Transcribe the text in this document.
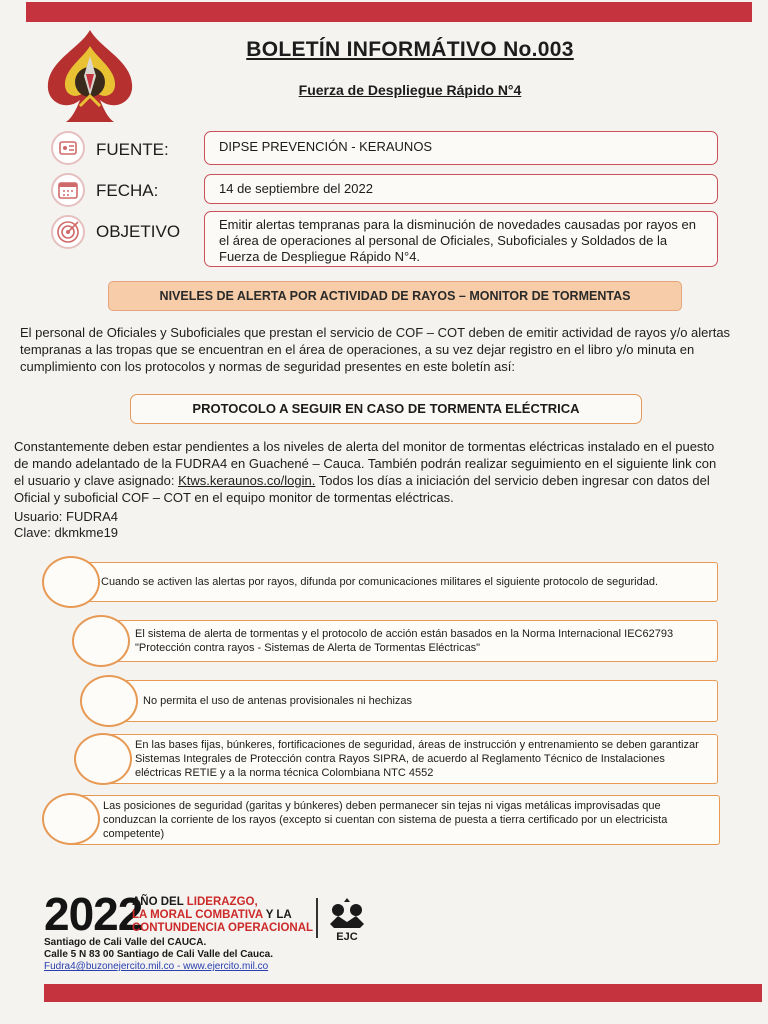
BOLETÍN INFORMÁTIVO No.003
Fuerza de Despliegue Rápido N°4
FUENTE:	DIPSE PREVENCIÓN - KERAUNOS
FECHA:	14 de septiembre del 2022
OBJETIVO	Emitir alertas tempranas para la disminución de novedades causadas por rayos en el área de operaciones al personal de Oficiales, Suboficiales y Soldados de la Fuerza de Despliegue Rápido N°4.
NIVELES DE ALERTA POR ACTIVIDAD DE RAYOS – MONITOR DE TORMENTAS
El personal de Oficiales y Suboficiales que prestan el servicio de COF – COT deben de emitir actividad de rayos y/o alertas tempranas a las tropas que se encuentran en el área de operaciones, a su vez dejar registro en el libro y/o minuta en cumplimiento con los protocolos y normas de seguridad presentes en este boletín así:
PROTOCOLO A SEGUIR EN CASO DE TORMENTA ELÉCTRICA
Constantemente deben estar pendientes a los niveles de alerta del monitor de tormentas eléctricas instalado en el puesto de mando adelantado de la FUDRA4 en Guachené – Cauca. También podrán realizar seguimiento en el siguiente link con el usuario y clave asignado: Ktws.keraunos.co/login. Todos los días a iniciación del servicio deben ingresar con datos del Oficial y suboficial COF – COT en el equipo monitor de tormentas eléctricas.
Usuario: FUDRA4
Clave: dkmkme19
Cuando se activen las alertas por rayos, difunda por comunicaciones militares el siguiente protocolo de seguridad.
El sistema de alerta de tormentas y el protocolo de acción están basados en la Norma Internacional IEC62793 "Protección contra rayos - Sistemas de Alerta de Tormentas Eléctricas"
No permita el uso de antenas provisionales ni hechizas
En las bases fijas, búnkeres, fortificaciones de seguridad, áreas de instrucción y entrenamiento se deben garantizar Sistemas Integrales de Protección contra Rayos SIPRA, de acuerdo al Reglamento Técnico de Instalaciones eléctricas RETIE y a la norma técnica Colombiana NTC 4552
Las posiciones de seguridad (garitas y búnkeres) deben permanecer sin tejas ni vigas metálicas improvisadas que conduzcan la corriente de los rayos (excepto si cuentan con sistema de puesta a tierra certificado por un electricista competente)
2022
AÑO DEL LIDERAZGO,
LA MORAL COMBATIVA Y LA
CONTUNDENCIA OPERACIONAL
EJC
Santiago de Cali Valle del CAUCA.
Calle 5 N 83 00 Santiago de Cali Valle del Cauca.
Fudra4@buzonejercito.mil.co - www.ejercito.mil.co
